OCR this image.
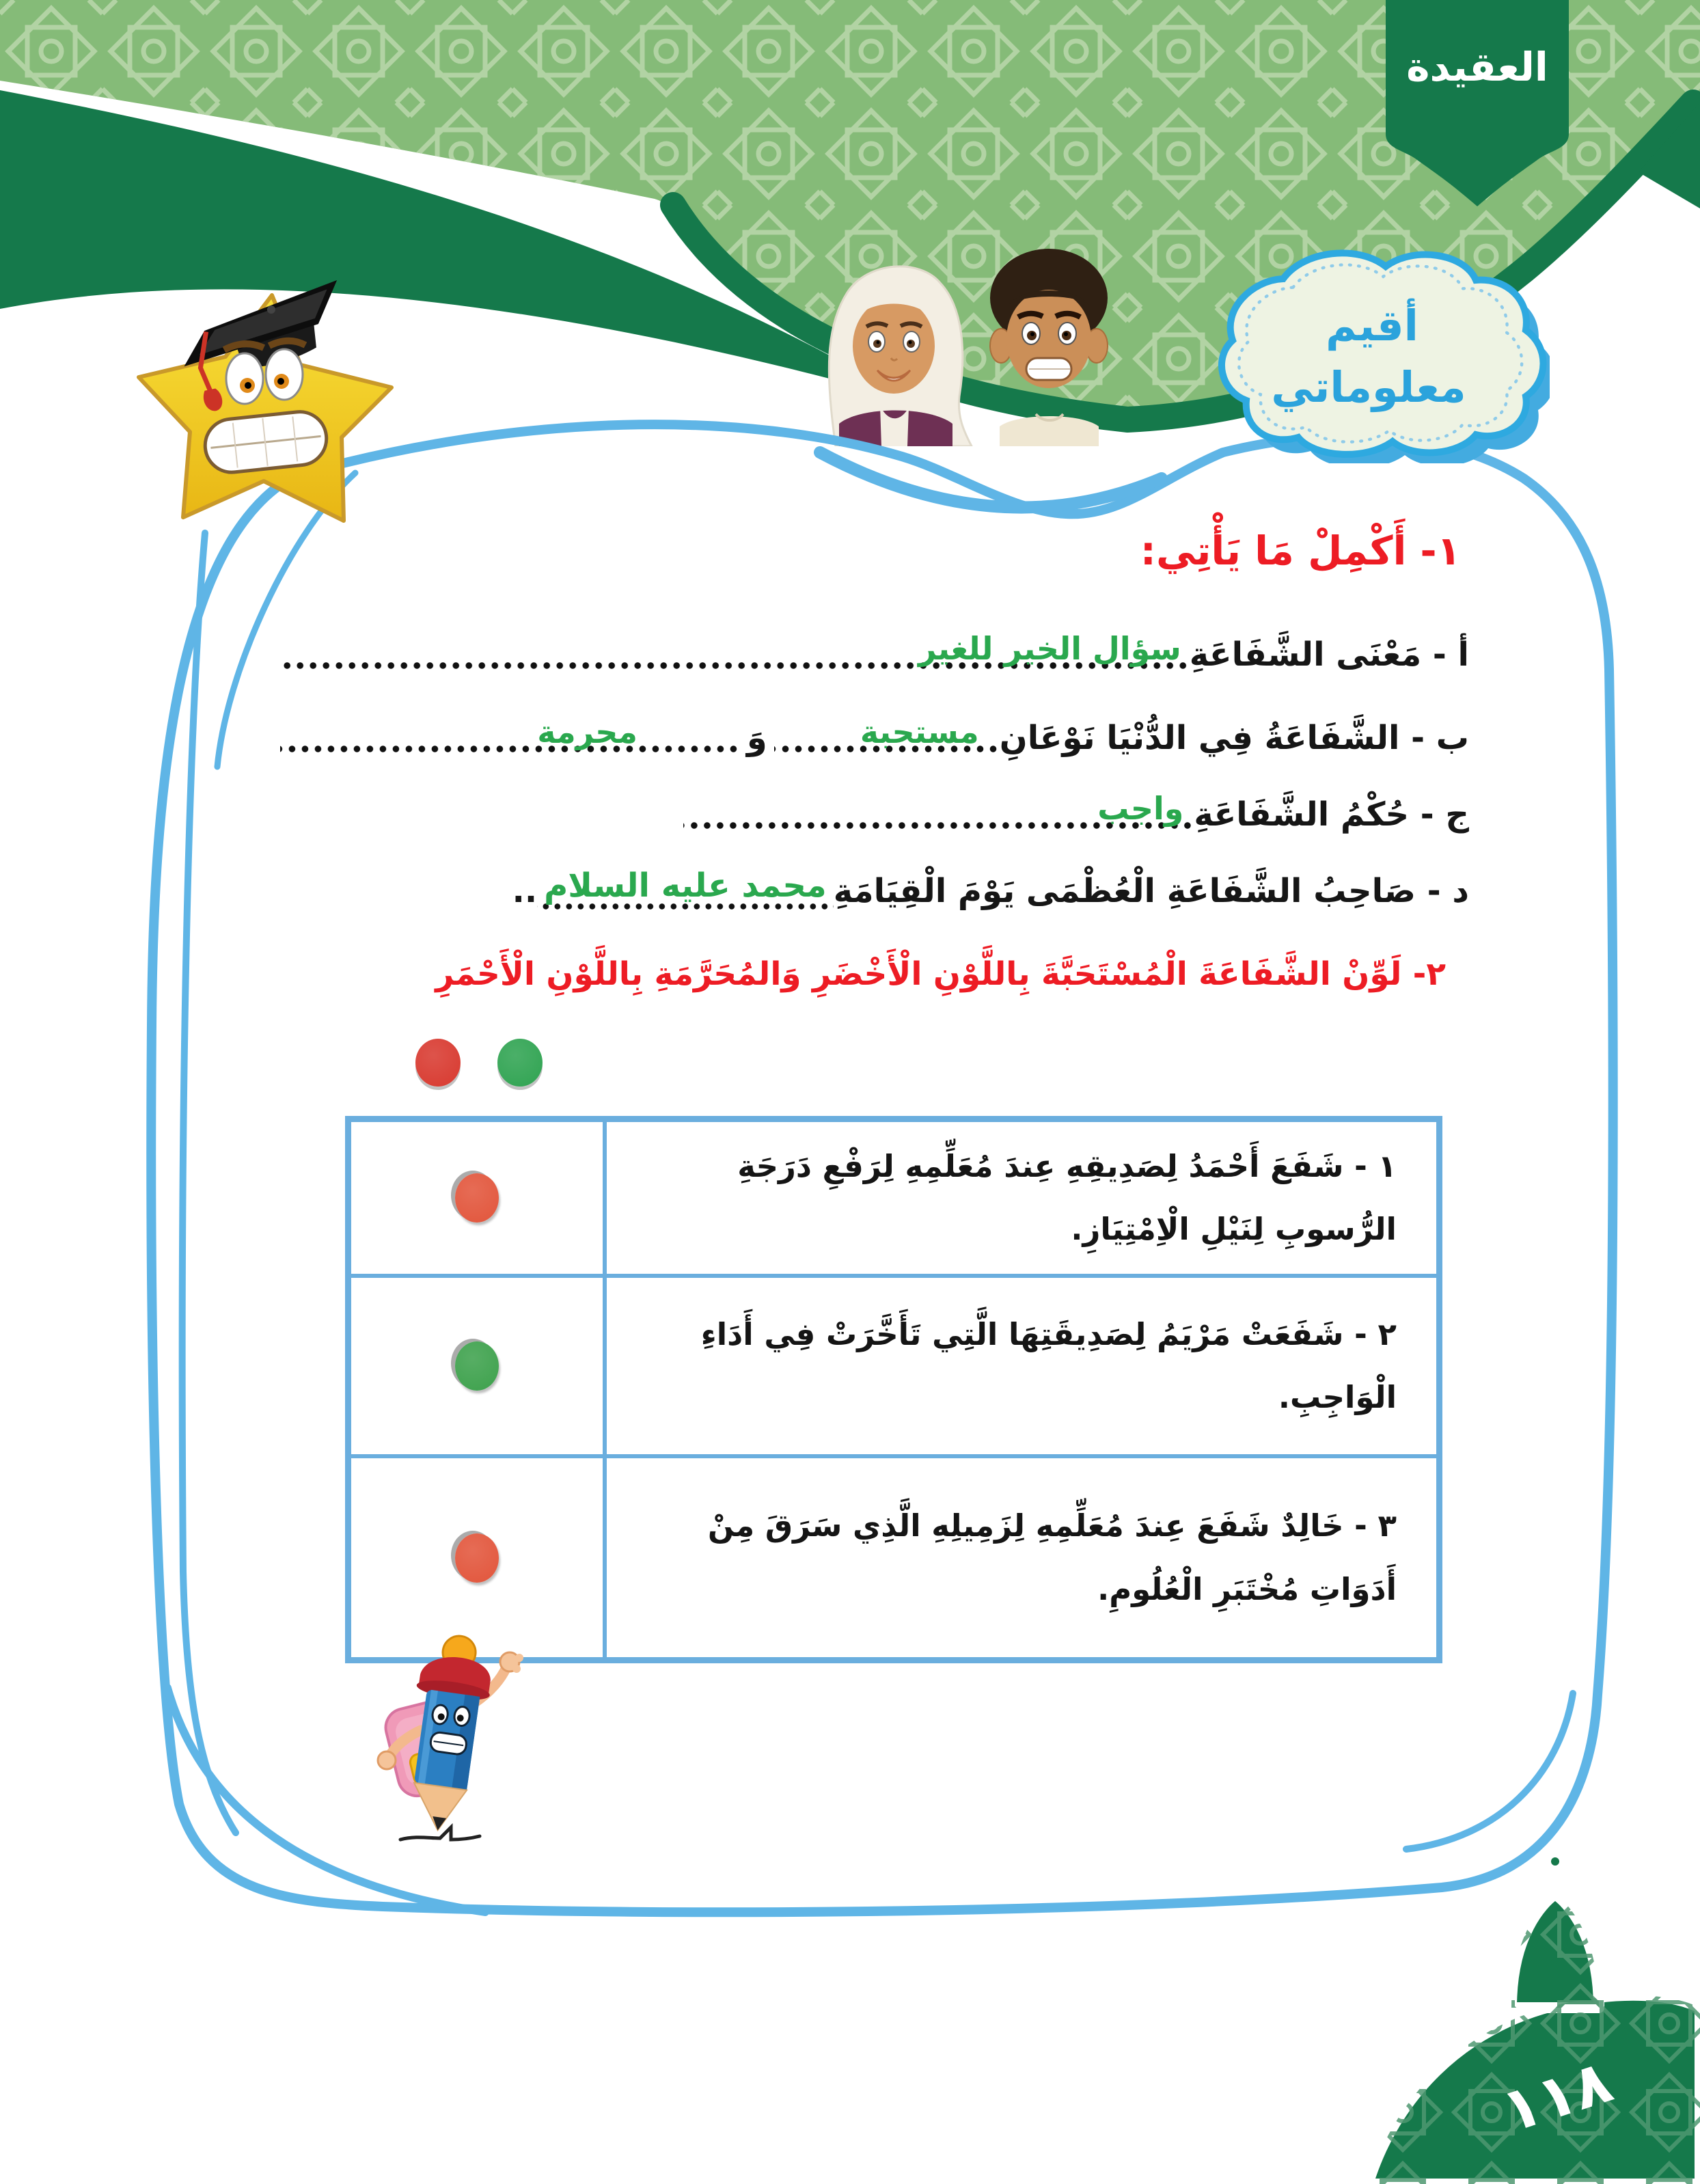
العقيدة
أقيم
معلوماتي
١- أَكْمِلْ مَا يَأْتِي:
أ - مَعْنَى الشَّفَاعَةِ
سؤال الخير للغير
ب - الشَّفَاعَةُ فِي الدُّنْيَا نَوْعَانِ
مستحبة
وَ
محرمة
ج - حُكْمُ الشَّفَاعَةِ
واجب
د - صَاحِبُ الشَّفَاعَةِ الْعُظْمَى يَوْمَ الْقِيَامَةِ
محمد عليه السلام
..
٢- لَوِّنْ الشَّفَاعَةَ الْمُسْتَحَبَّةَ بِاللَّوْنِ الْأَخْضَرِ وَالمُحَرَّمَةِ بِاللَّوْنِ الْأَحْمَرِ
١ - شَفَعَ أَحْمَدُ لِصَدِيقِهِ عِندَ مُعَلِّمِهِ لِرَفْعِ دَرَجَةِ الرُّسوبِ لِنَيْلِ الْاِمْتِيَازِ.
٢ - شَفَعَتْ مَرْيَمُ لِصَدِيقَتِهَا الَّتِي تَأَخَّرَتْ فِي أَدَاءِ الْوَاجِبِ.
٣ - خَالِدٌ شَفَعَ عِندَ مُعَلِّمِهِ لِزَمِيلِهِ الَّذِي سَرَقَ مِنْ أَدَوَاتِ مُخْتَبَرِ الْعُلُومِ.
١١٨
